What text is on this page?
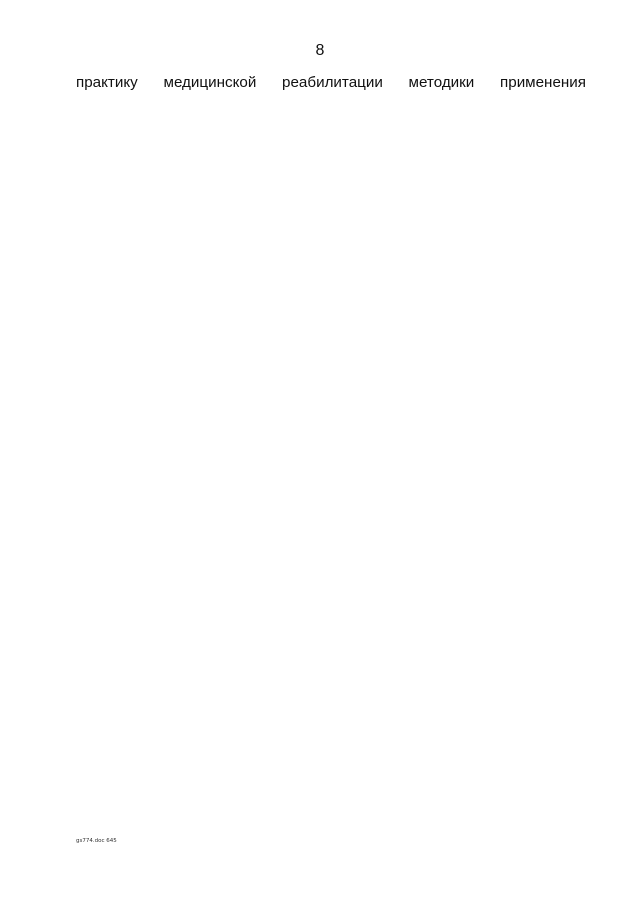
8
практику медицинской реабилитации методики применения
gs774.doc 645
